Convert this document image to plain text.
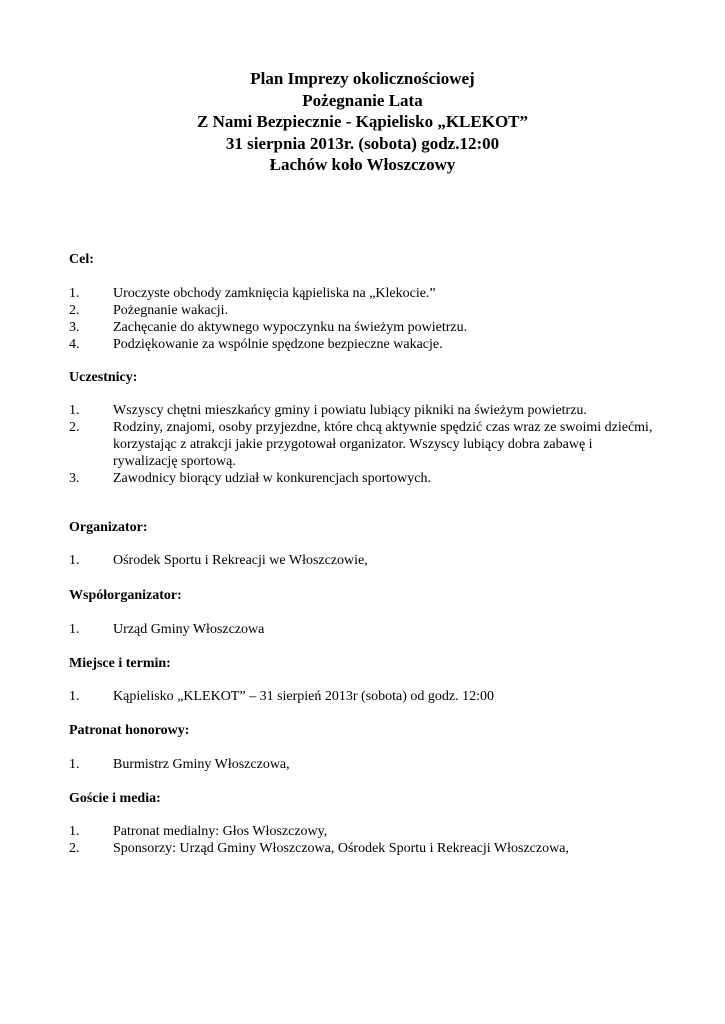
Plan Imprezy okolicznościowej
Pożegnanie Lata
Z Nami Bezpiecznie - Kąpielisko „KLEKOT”
31 sierpnia 2013r. (sobota) godz.12:00
Łachów koło Włoszczowy
Cel:
1. Uroczyste obchody zamknięcia kąpieliska na „Klekocie.”
2. Pożegnanie wakacji.
3. Zachęcanie do aktywnego wypoczynku na świeżym powietrzu.
4. Podziękowanie za wspólnie spędzone bezpieczne wakacje.
Uczestnicy:
1. Wszyscy chętni mieszkańcy gminy i powiatu lubiący pikniki na świeżym powietrzu.
2. Rodziny, znajomi, osoby przyjezdne, które chcą aktywnie spędzić czas wraz ze swoimi dziećmi, korzystając z atrakcji jakie przygotował organizator. Wszyscy lubiący dobra zabawę i rywalizację sportową.
3. Zawodnicy biorący udział w konkurencjach sportowych.
Organizator:
1. Ośrodek Sportu i Rekreacji we Włoszczowie,
Współorganizator:
1. Urząd Gminy Włoszczowa
Miejsce i termin:
1. Kąpielisko „KLEKOT” – 31 sierpień 2013r (sobota) od godz. 12:00
Patronat honorowy:
1. Burmistrz Gminy Włoszczowa,
Goście i media:
1. Patronat medialny: Głos Włoszczowy,
2. Sponsorzy: Urząd Gminy Włoszczowa, Ośrodek Sportu i Rekreacji Włoszczowa,
